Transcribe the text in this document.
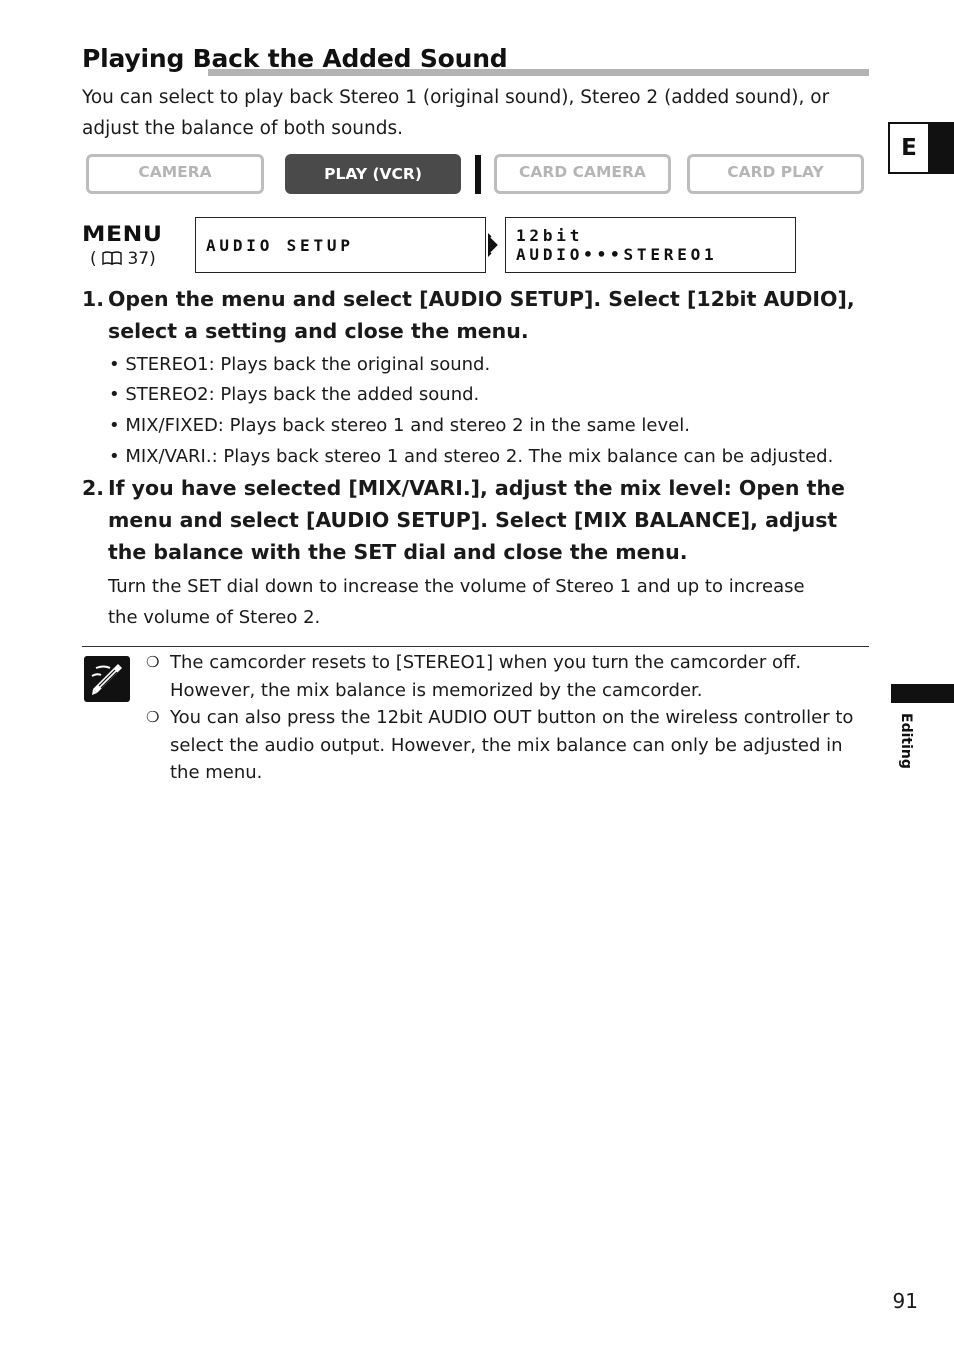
Playing Back the Added Sound
You can select to play back Stereo 1 (original sound), Stereo 2 (added sound), or adjust the balance of both sounds.
E
CAMERA	PLAY (VCR)	CARD CAMERA	CARD PLAY
MENU
( 37)
AUDIO SETUP	12bit AUDIO•••STEREO1
1. Open the menu and select [AUDIO SETUP]. Select [12bit AUDIO], select a setting and close the menu.
• STEREO1: Plays back the original sound.
• STEREO2: Plays back the added sound.
• MIX/FIXED: Plays back stereo 1 and stereo 2 in the same level.
• MIX/VARI.: Plays back stereo 1 and stereo 2. The mix balance can be adjusted.
2. If you have selected [MIX/VARI.], adjust the mix level: Open the menu and select [AUDIO SETUP]. Select [MIX BALANCE], adjust the balance with the SET dial and close the menu.
Turn the SET dial down to increase the volume of Stereo 1 and up to increase the volume of Stereo 2.
❍ The camcorder resets to [STEREO1] when you turn the camcorder off. However, the mix balance is memorized by the camcorder.
❍ You can also press the 12bit AUDIO OUT button on the wireless controller to select the audio output. However, the mix balance can only be adjusted in the menu.
Editing
91
